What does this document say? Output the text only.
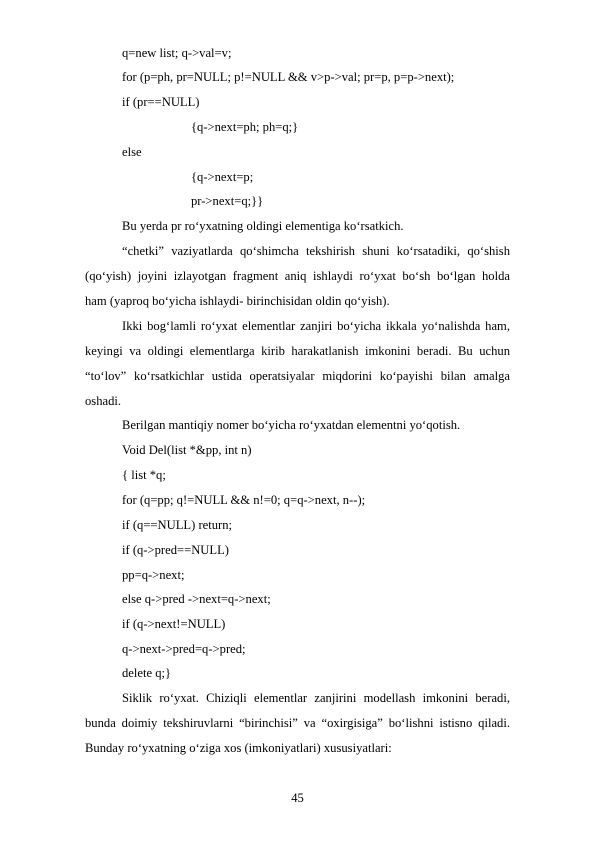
q=new list; q->val=v;
for (p=ph, pr=NULL; p!=NULL && v>p->val; pr=p, p=p->next);
if (pr==NULL)
{q->next=ph; ph=q;}
else
{q->next=p;
pr->next=q;}}
Bu yerda pr ro‘yxatning oldingi elementiga ko‘rsatkich.
“chetki” vaziyatlarda qo‘shimcha tekshirish shuni ko‘rsatadiki, qo‘shish
(qo‘yish) joyini izlayotgan fragment aniq ishlaydi ro‘yxat bo‘sh bo‘lgan holda
ham (yaproq bo‘yicha ishlaydi- birinchisidan oldin qo‘yish).
Ikki bog‘lamli ro‘yxat elementlar zanjiri bo‘yicha ikkala yo‘nalishda ham,
keyingi va oldingi elementlarga kirib harakatlanish imkonini beradi. Bu uchun
“to‘lov” ko‘rsatkichlar ustida operatsiyalar miqdorini ko‘payishi bilan amalga
oshadi.
Berilgan mantiqiy nomer bo‘yicha ro‘yxatdan elementni yo‘qotish.
Void Del(list *&pp, int n)
{ list *q;
for (q=pp; q!=NULL && n!=0; q=q->next, n--);
if (q==NULL) return;
if (q->pred==NULL)
pp=q->next;
else q->pred ->next=q->next;
if (q->next!=NULL)
q->next->pred=q->pred;
delete q;}
Siklik ro‘yxat. Chiziqli elementlar zanjirini modellash imkonini beradi,
bunda doimiy tekshiruvlarni “birinchisi” va “oxirgisiga” bo‘lishni istisno qiladi.
Bunday ro‘yxatning o‘ziga xos (imkoniyatlari) xususiyatlari:
45
